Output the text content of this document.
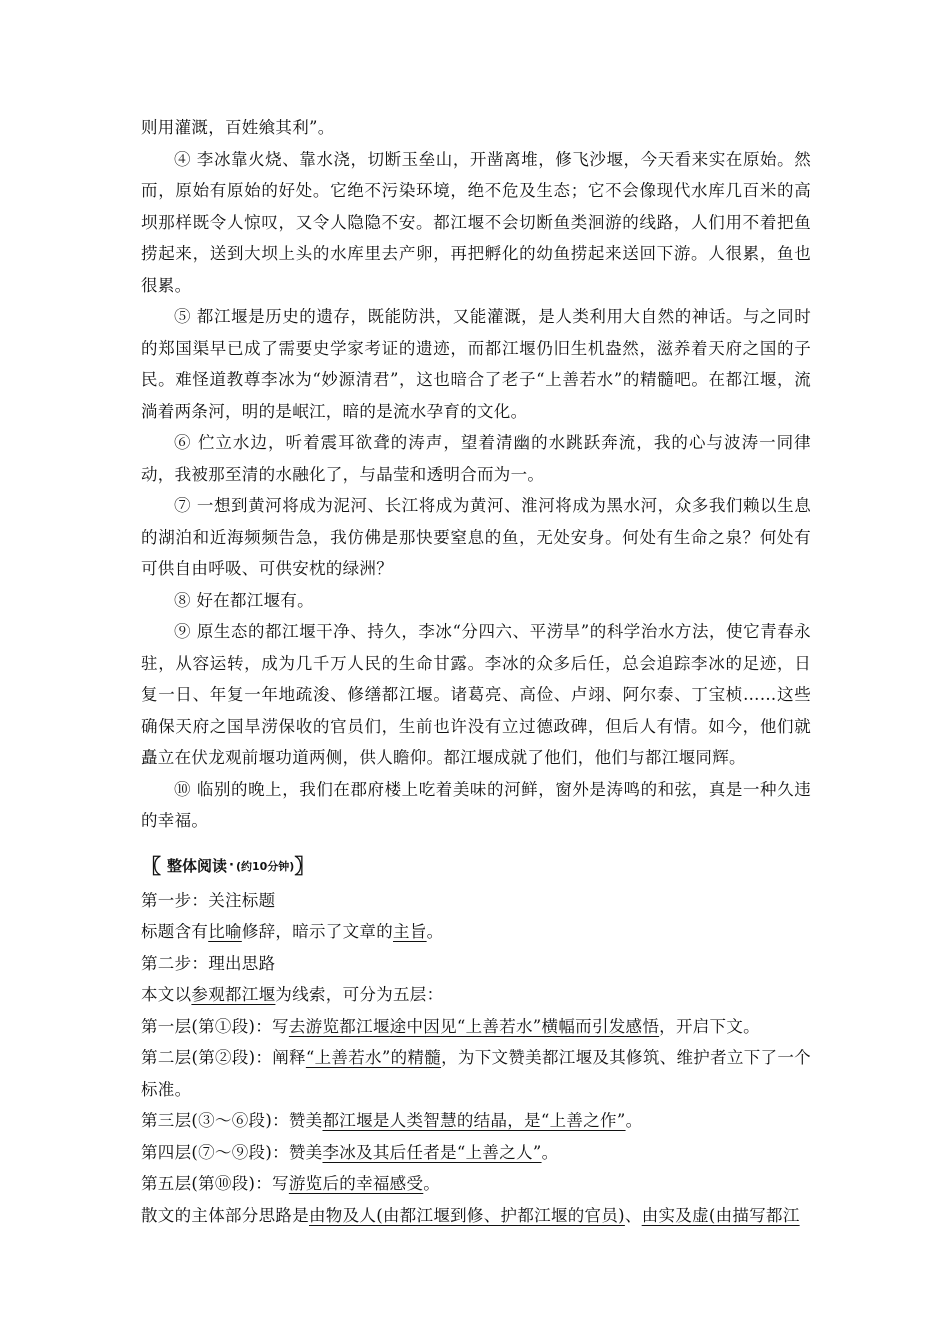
则用灌溉，百姓飨其利”。

④ 李冰靠火烧、靠水浇，切断玉垒山，开凿离堆，修飞沙堰，今天看来实在原始。然而，原始有原始的好处。它绝不污染环境，绝不危及生态；它不会像现代水库几百米的高坝那样既令人惊叹，又令人隐隐不安。都江堰不会切断鱼类洄游的线路，人们用不着把鱼捞起来，送到大坝上头的水库里去产卵，再把孵化的幼鱼捞起来送回下游。人很累，鱼也很累。

⑤ 都江堰是历史的遗存，既能防洪，又能灌溉，是人类利用大自然的神话。与之同时的郑国渠早已成了需要史学家考证的遗迹，而都江堰仍旧生机盎然，滋养着天府之国的子民。难怪道教尊李冰为“妙源清君”，这也暗合了老子“上善若水”的精髓吧。在都江堰，流淌着两条河，明的是岷江，暗的是流水孕育的文化。

⑥ 伫立水边，听着震耳欲聋的涛声，望着清幽的水跳跃奔流，我的心与波涛一同律动，我被那至清的水融化了，与晶莹和透明合而为一。

⑦ 一想到黄河将成为泥河、长江将成为黄河、淮河将成为黑水河，众多我们赖以生息的湖泊和近海频频告急，我仿佛是那快要窒息的鱼，无处安身。何处有生命之泉？何处有可供自由呼吸、可供安枕的绿洲？

⑧ 好在都江堰有。

⑨ 原生态的都江堰干净、持久，李冰“分四六、平涝旱”的科学治水方法，使它青春永驻，从容运转，成为几千万人民的生命甘露。李冰的众多后任，总会追踪李冰的足迹，日复一日、年复一年地疏浚、修缮都江堰。诸葛亮、高俭、卢翊、阿尔泰、丁宝桢……这些确保天府之国旱涝保收的官员们，生前也许没有立过德政碑，但后人有情。如今，他们就矗立在伏龙观前堰功道两侧，供人瞻仰。都江堰成就了他们，他们与都江堰同辉。

⑩ 临别的晚上，我们在郡府楼上吃着美味的河鲜，窗外是涛鸣的和弦，真是一种久违的幸福。

〖 整体阅读 · (约10分钟) 〗

第一步：关注标题

标题含有比喻修辞，暗示了文章的主旨。

第二步：理出思路

本文以参观都江堰为线索，可分为五层：

第一层(第①段)：写去游览都江堰途中因见“上善若水”横幅而引发感悟，开启下文。

第二层(第②段)：阐释“上善若水”的精髓，为下文赞美都江堰及其修筑、维护者立下了一个标准。

第三层(③～⑥段)：赞美都江堰是人类智慧的结晶，是“上善之作”。

第四层(⑦～⑨段)：赞美李冰及其后任者是“上善之人”。

第五层(第⑩段)：写游览后的幸福感受。

散文的主体部分思路是由物及人(由都江堰到修、护都江堰的官员)、由实及虚(由描写都江
